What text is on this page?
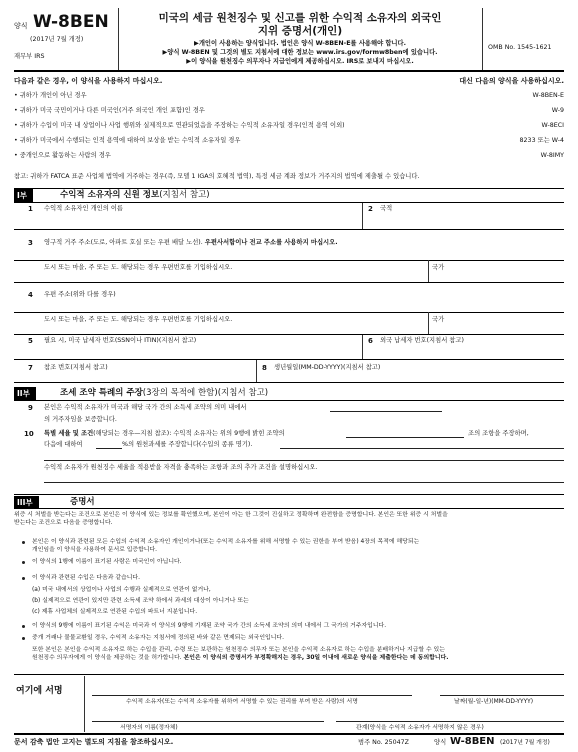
양식 W-8BEN
(2017년 7월 개정)
재무부 IRS
미국의 세금 원천징수 및 신고를 위한 수익적 소유자의 외국인
지위 증명서(개인)
▶개인이 사용하는 양식입니다. 법인은 양식 W-8BEN-E를 사용해야 합니다.
▶양식 W-8BEN 및 그것의 별도 지침서에 대한 정보는 www.irs.gov/formw8ben에 있습니다.
▶이 양식을 원천징수 의무자나 지급인에게 제공하십시오. IRS로 보내지 마십시오.
OMB No. 1545-1621
다음과 같은 경우, 이 양식을 사용하지 마십시오.	대신 다음의 양식을 사용하십시오.
• 귀하가 개인이 아닌 경우	W-8BEN-E
• 귀하가 미국 국민이거나 다른 미국인(거주 외국인 개인 포함)인 경우	W-9
• 귀하가 수입이 미국 내 상업이나 사업 행위와 실제적으로 연관되었음을 주장하는 수익적 소유자일 경우(인적 용역 이외)	W-8ECI
• 귀하가 미국에서 수행되는 인적 용역에 대하여 보상을 받는 수익적 소유자일 경우	8233 또는 W-4
• 중개인으로 활동하는 사람의 경우	W-8IMY
참고: 귀하가 FATCA 표준 사업체 법역에 거주하는 경우(즉, 모델 1 IGA의 호혜적 법역), 특정 세금 계좌 정보가 거주지의 법역에 제출될 수 있습니다.
I부	수익적 소유자의 신원 정보(지침서 참고)
1 수익적 소유자인 개인의 이름	2 국적
3 영구적 거주 주소(도로, 아파트 호실 또는 우편 배달 노선). 우편사서함이나 전교 주소를 사용하지 마십시오.
도시 또는 마을, 주 또는 도. 해당되는 경우 우편번호를 기입하십시오.	국가
4 우편 주소(위와 다를 경우)
도시 또는 마을, 주 또는 도. 해당되는 경우 우편번호를 기입하십시오.	국가
5 필요 시, 미국 납세자 번호(SSN이나 ITIN)(지침서 참고)	6 외국 납세자 번호(지침서 참고)
7 참조 번호(지침서 참고)	8 생년월일(MM-DD-YYYY)(지침서 참고)
II부	조세 조약 특례의 주장(3장의 목적에 한함)(지침서 참고)
9 본인은 수익적 소유자가 미국과 해당 국가 간의 소득세 조약의 의미 내에서
의 거주자임을 보증합니다.
10 특별 세율 및 조건(해당되는 경우—지침 참조): 수익적 소유자는 위의 9행에 밝힌 조약의	조의 조항을 주장하며,
다음에 대하여	%의 원천과세를 주장합니다(수입의 종류 명기).
수익적 소유자가 원천징수 세율을 적용받을 자격을 충족하는 조항과 조의 추가 조건을 설명하십시오.
III부	증명서
위증 시 처벌을 받는다는 조건으로 본인은 이 양식에 있는 정보를 확인했으며, 본인이 아는 한 그것이 진실하고 정확하며 완전함을 증명합니다. 본인은 또한 위증 시 처벌을
받는다는 조건으로 다음을 증명합니다.
본인은 이 양식과 관련된 모든 수입의 수익적 소유자인 개인이거나(또는 수익적 소유자를 위해 서명할 수 있는 권한을 부여 받음) 4장의 목적에 해당되는
개인임을 이 양식을 사용하여 문서로 입증합니다.
이 양식의 1행에 이름이 표기된 사람은 미국인이 아닙니다.
이 양식과 관련된 수입은 다음과 같습니다.
(a) 미국 내에서의 상업이나 사업의 수행과 실제적으로 연관이 없거나,
(b) 실제적으로 연관이 있지만 관련 소득세 조약 하에서 과세의 대상이 아니거나 또는
(c) 제휴 사업체의 실제적으로 연관된 수입의 파트너 지분입니다.
이 양식의 9행에 이름이 표기된 수익은 미국과 이 양식의 9행에 기재된 조약 국가 간의 소득세 조약의 의미 내에서 그 국가의 거주자입니다.
중개 거래나 물물교환일 경우, 수익적 소유자는 지침서에 정의된 바와 같은 면제되는 외국인입니다.
또한 본인은 본인을 수익적 소유자로 하는 수입을 관리, 수령 또는 보관하는 원천징수 의무자 또는 본인을 수익적 소유자로 하는 수입을 분배하거나 지급할 수 있는
원천징수 의무자에게 이 양식을 제공하는 것을 허가합니다. 본인은 이 양식의 증명서가 부정확해지는 경우, 30일 이내에 새로운 양식을 제출한다는 데 동의합니다.
여기에 서명
수익적 소유자(또는 수익적 소유자를 위하여 서명할 수 있는 권리를 부여 받은 사람)의 서명	날짜(월-일-년)(MM-DD-YYYY)
서명자의 이름(정자체)	관계(양식을 수익적 소유자가 서명하지 않은 경우)
문서 감축 법안 고지는 별도의 지침을 참조하십시오.	범주 No. 25047Z	양식 W-8BEN (2017년 7월 개정)
